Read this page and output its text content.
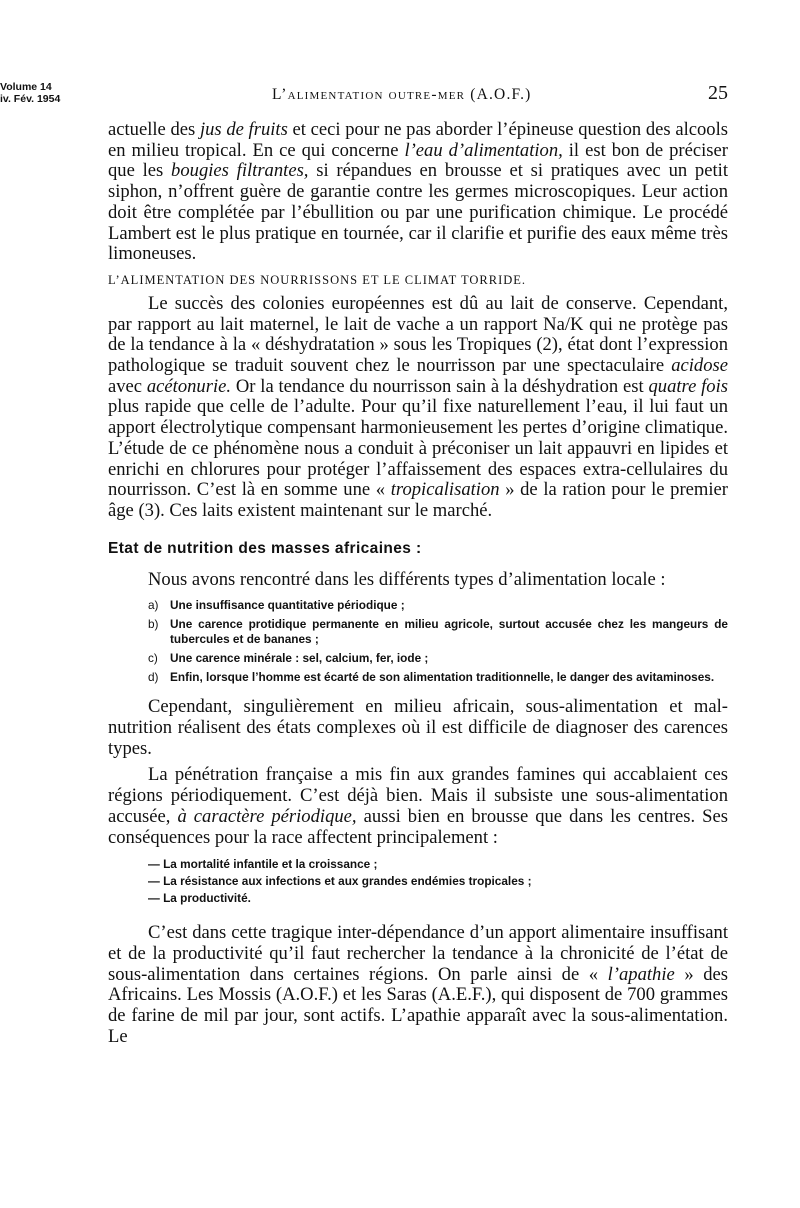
Volume 14
iv. Fév. 1954	L’alimentation outre-mer (A.O.F.)	25

actuelle des jus de fruits et ceci pour ne pas aborder l’épineuse question des alcools en milieu tropical. En ce qui concerne l’eau d’alimentation, il est bon de préciser que les bougies filtrantes, si répandues en brousse et si pratiques avec un petit siphon, n’offrent guère de garantie contre les germes microscopiques. Leur action doit être complétée par l’ébullition ou par une purification chimique. Le procédé Lambert est le plus pratique en tournée, car il clarifie et purifie des eaux même très limoneuses.

L’ALIMENTATION DES NOURRISSONS ET LE CLIMAT TORRIDE.

Le succès des colonies européennes est dû au lait de conserve. Cependant, par rapport au lait maternel, le lait de vache a un rapport Na/K qui ne protège pas de la tendance à la « déshydratation » sous les Tropiques (2), état dont l’expression pathologique se traduit souvent chez le nourrisson par une spectaculaire acidose avec acétonurie. Or la tendance du nourrisson sain à la déshydration est quatre fois plus rapide que celle de l’adulte. Pour qu’il fixe naturellement l’eau, il lui faut un apport électrolytique compensant harmonieusement les pertes d’origine climatique. L’étude de ce phénomène nous a conduit à préconiser un lait appauvri en lipides et enrichi en chlorures pour protéger l’affaissement des espaces extra-cellulaires du nourrisson. C’est là en somme une « tropicalisation » de la ration pour le premier âge (3). Ces laits existent maintenant sur le marché.

Etat de nutrition des masses africaines :

Nous avons rencontré dans les différents types d’alimentation locale :

a) Une insuffisance quantitative périodique ;
b) Une carence protidique permanente en milieu agricole, surtout accusée chez les mangeurs de tubercules et de bananes ;
c) Une carence minérale : sel, calcium, fer, iode ;
d) Enfin, lorsque l’homme est écarté de son alimentation traditionnelle, le danger des avitaminoses.

Cependant, singulièrement en milieu africain, sous-alimentation et mal-nutrition réalisent des états complexes où il est difficile de diagnoser des carences types.

La pénétration française a mis fin aux grandes famines qui accablaient ces régions périodiquement. C’est déjà bien. Mais il subsiste une sous-alimentation accusée, à caractère périodique, aussi bien en brousse que dans les centres. Ses conséquences pour la race affectent principalement :

— La mortalité infantile et la croissance ;
— La résistance aux infections et aux grandes endémies tropicales ;
— La productivité.

C’est dans cette tragique inter-dépendance d’un apport alimentaire insuffisant et de la productivité qu’il faut rechercher la tendance à la chronicité de l’état de sous-alimentation dans certaines régions. On parle ainsi de « l’apathie » des Africains. Les Mossis (A.O.F.) et les Saras (A.E.F.), qui disposent de 700 grammes de farine de mil par jour, sont actifs. L’apathie apparaît avec la sous-alimentation. Le
